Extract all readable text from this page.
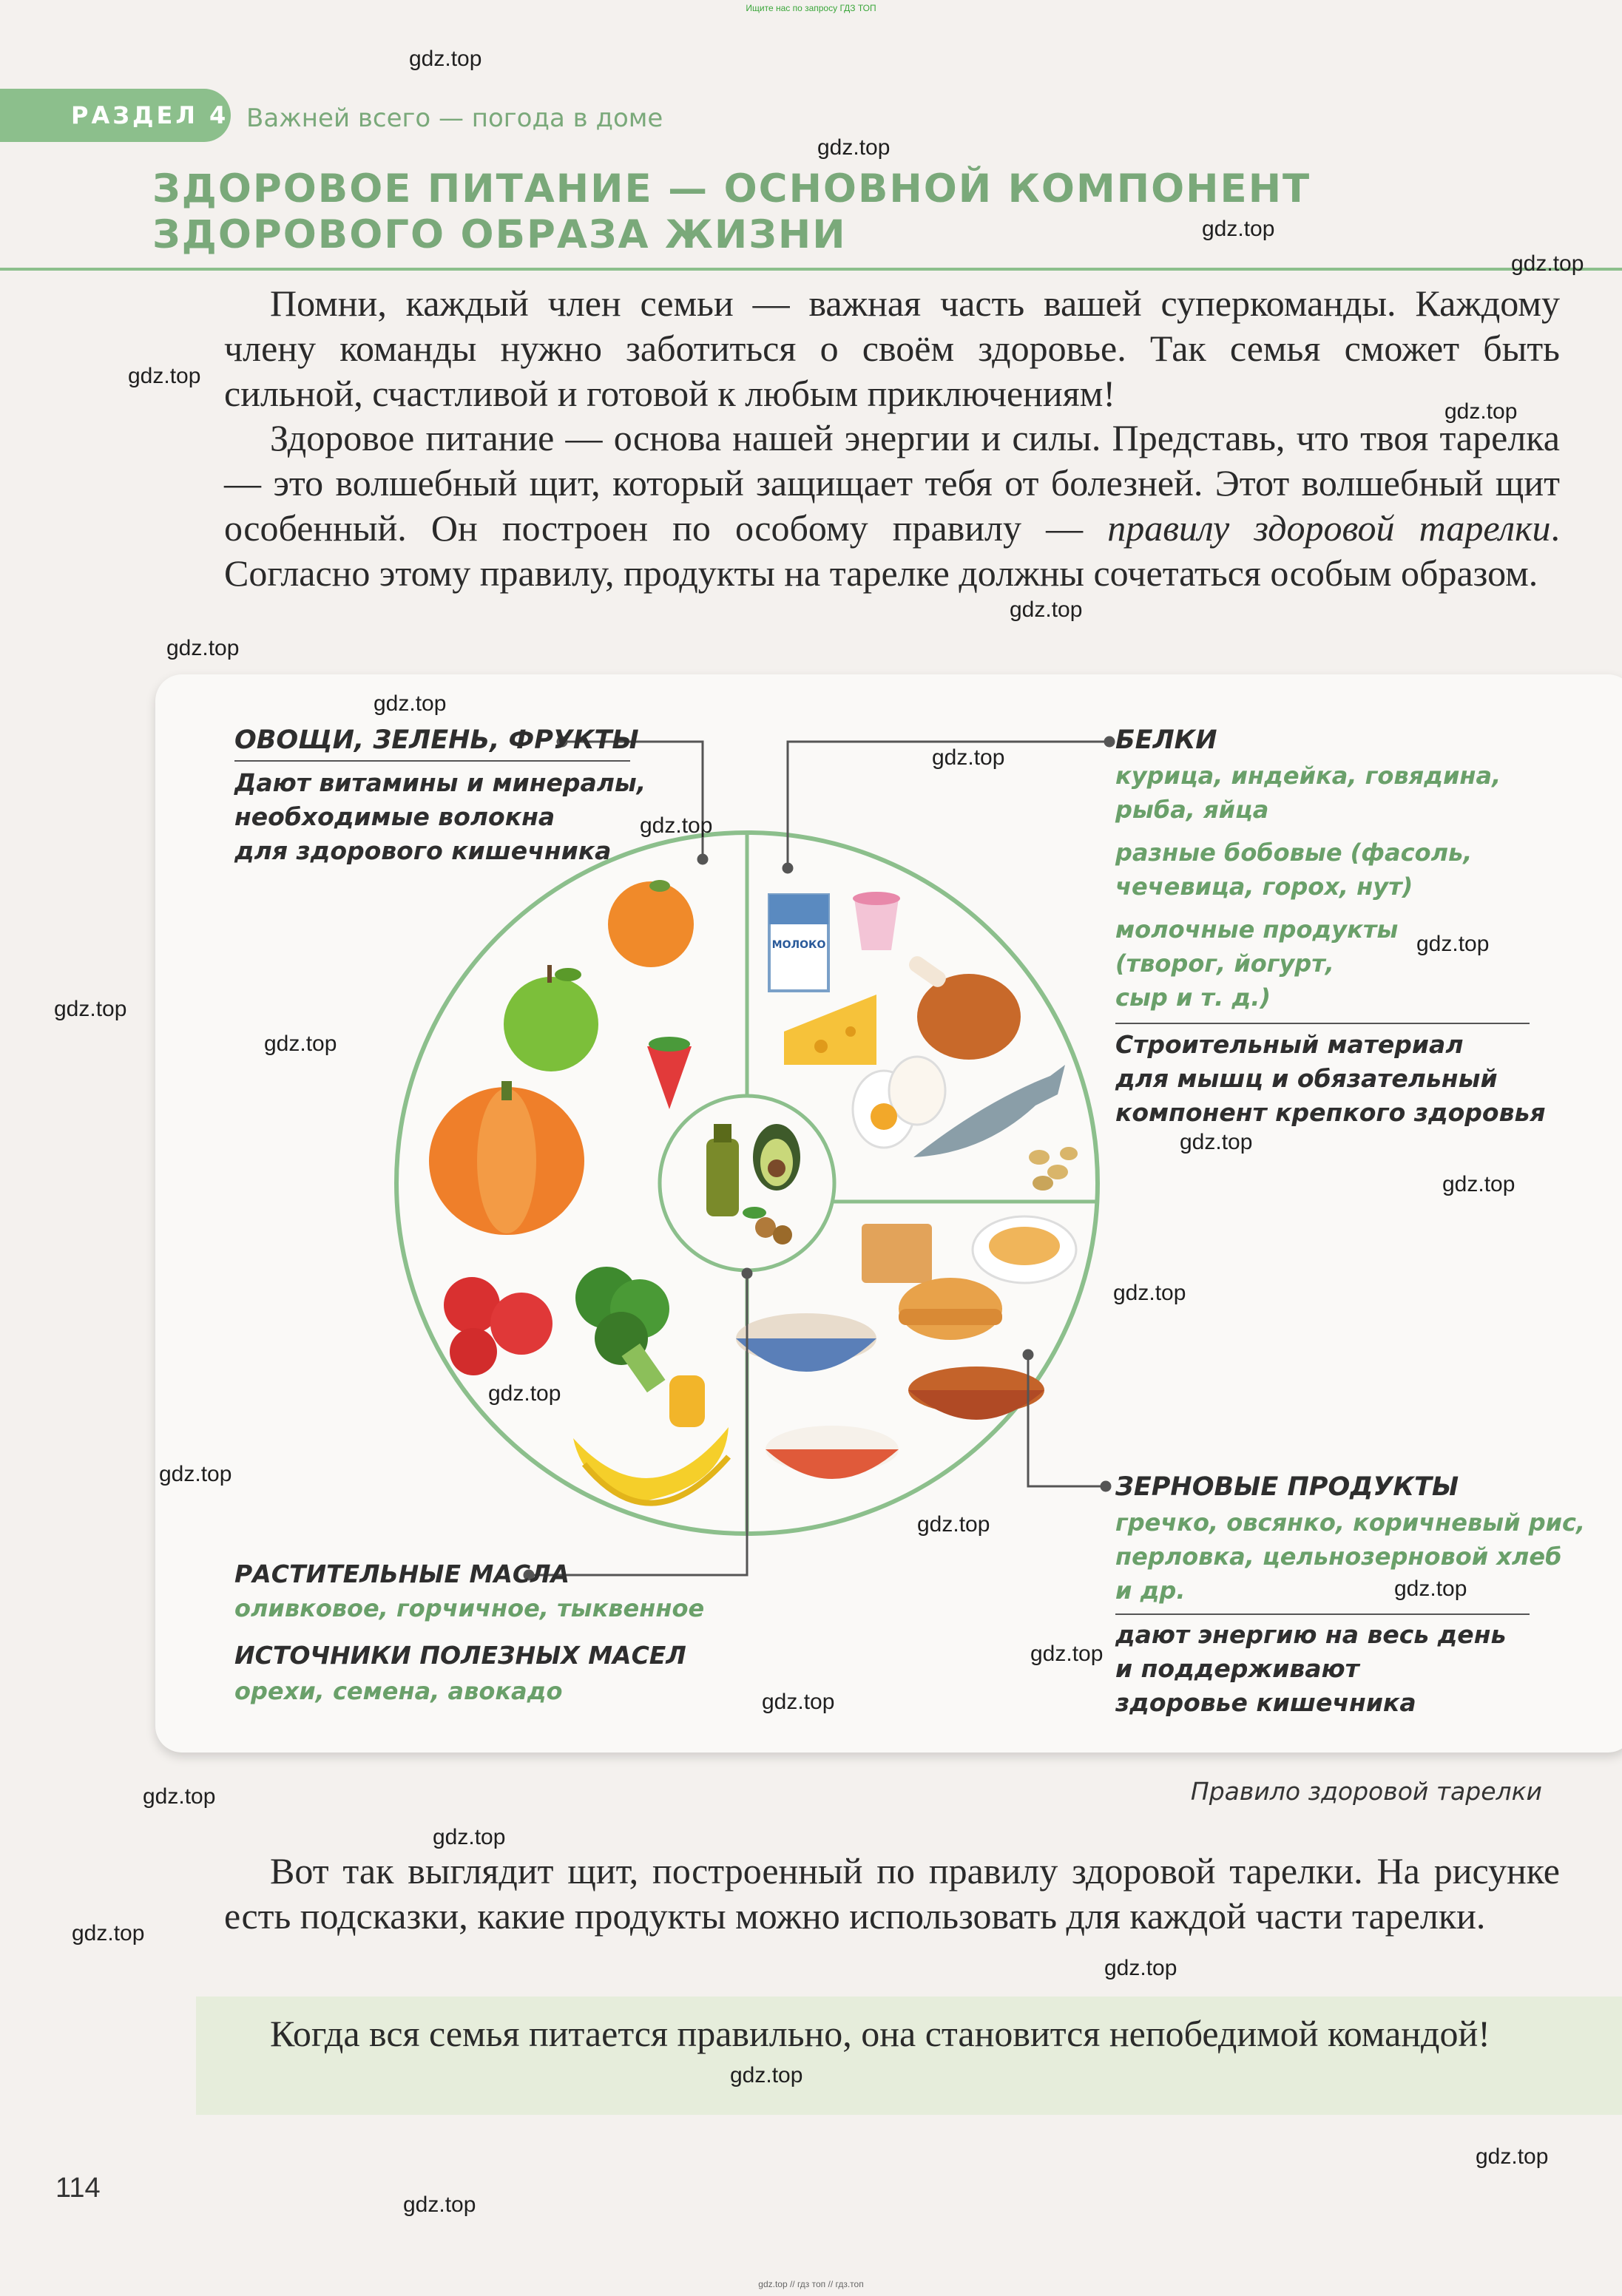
Ищите нас по запросу ГДЗ ТОП
РАЗДЕЛ 4 Важней всего — погода в доме
ЗДОРОВОЕ ПИТАНИЕ — ОСНОВНОЙ КОМПОНЕНТ
ЗДОРОВОГО ОБРАЗА ЖИЗНИ
Помни, каждый член семьи — важная часть вашей суперкоманды. Каждому члену команды нужно заботиться о своём здоровье. Так семья сможет быть сильной, счастливой и готовой к любым приключениям!
Здоровое питание — основа нашей энергии и силы. Представь, что твоя тарелка — это волшебный щит, который защищает тебя от болезней. Этот волшебный щит особенный. Он построен по особому правилу — правилу здоровой тарелки. Согласно этому правилу, продукты на тарелке должны сочетаться особым образом.
МОЛОКО
ОВОЩИ, ЗЕЛЕНЬ, ФРУКТЫ
Дают витамины и минералы,
необходимые волокна
для здорового кишечника
БЕЛКИ
курица, индейка, говядина,
рыба, яйца
разные бобовые (фасоль,
чечевица, горох, нут)
молочные продукты
(творог, йогурт,
сыр и т. д.)
Строительный материал
для мышц и обязательный
компонент крепкого здоровья
ЗЕРНОВЫЕ ПРОДУКТЫ
гречко, овсянко, коричневый рис,
перловка, цельнозерновой хлеб
и др.
дают энергию на весь день
и поддерживают
здоровье кишечника
РАСТИТЕЛЬНЫЕ МАСЛА
оливковое, горчичное, тыквенное
ИСТОЧНИКИ ПОЛЕЗНЫХ МАСЕЛ
орехи, семена, авокадо
Правило здоровой тарелки
Вот так выглядит щит, построенный по правилу здоровой тарелки. На рисунке есть подсказки, какие продукты можно использовать для каждой части тарелки.
Когда вся семья питается правильно, она становится непобедимой командой!
114
gdz.top
gdz.top
gdz.top
gdz.top
gdz.top
gdz.top
gdz.top
gdz.top
gdz.top
gdz.top
gdz.top
gdz.top
gdz.top
gdz.top
gdz.top
gdz.top
gdz.top
gdz.top
gdz.top
gdz.top
gdz.top
gdz.top
gdz.top
gdz.top
gdz.top
gdz.top
gdz.top
gdz.top
gdz.top
gdz.top
gdz.top // гдз топ // гдз.топ
